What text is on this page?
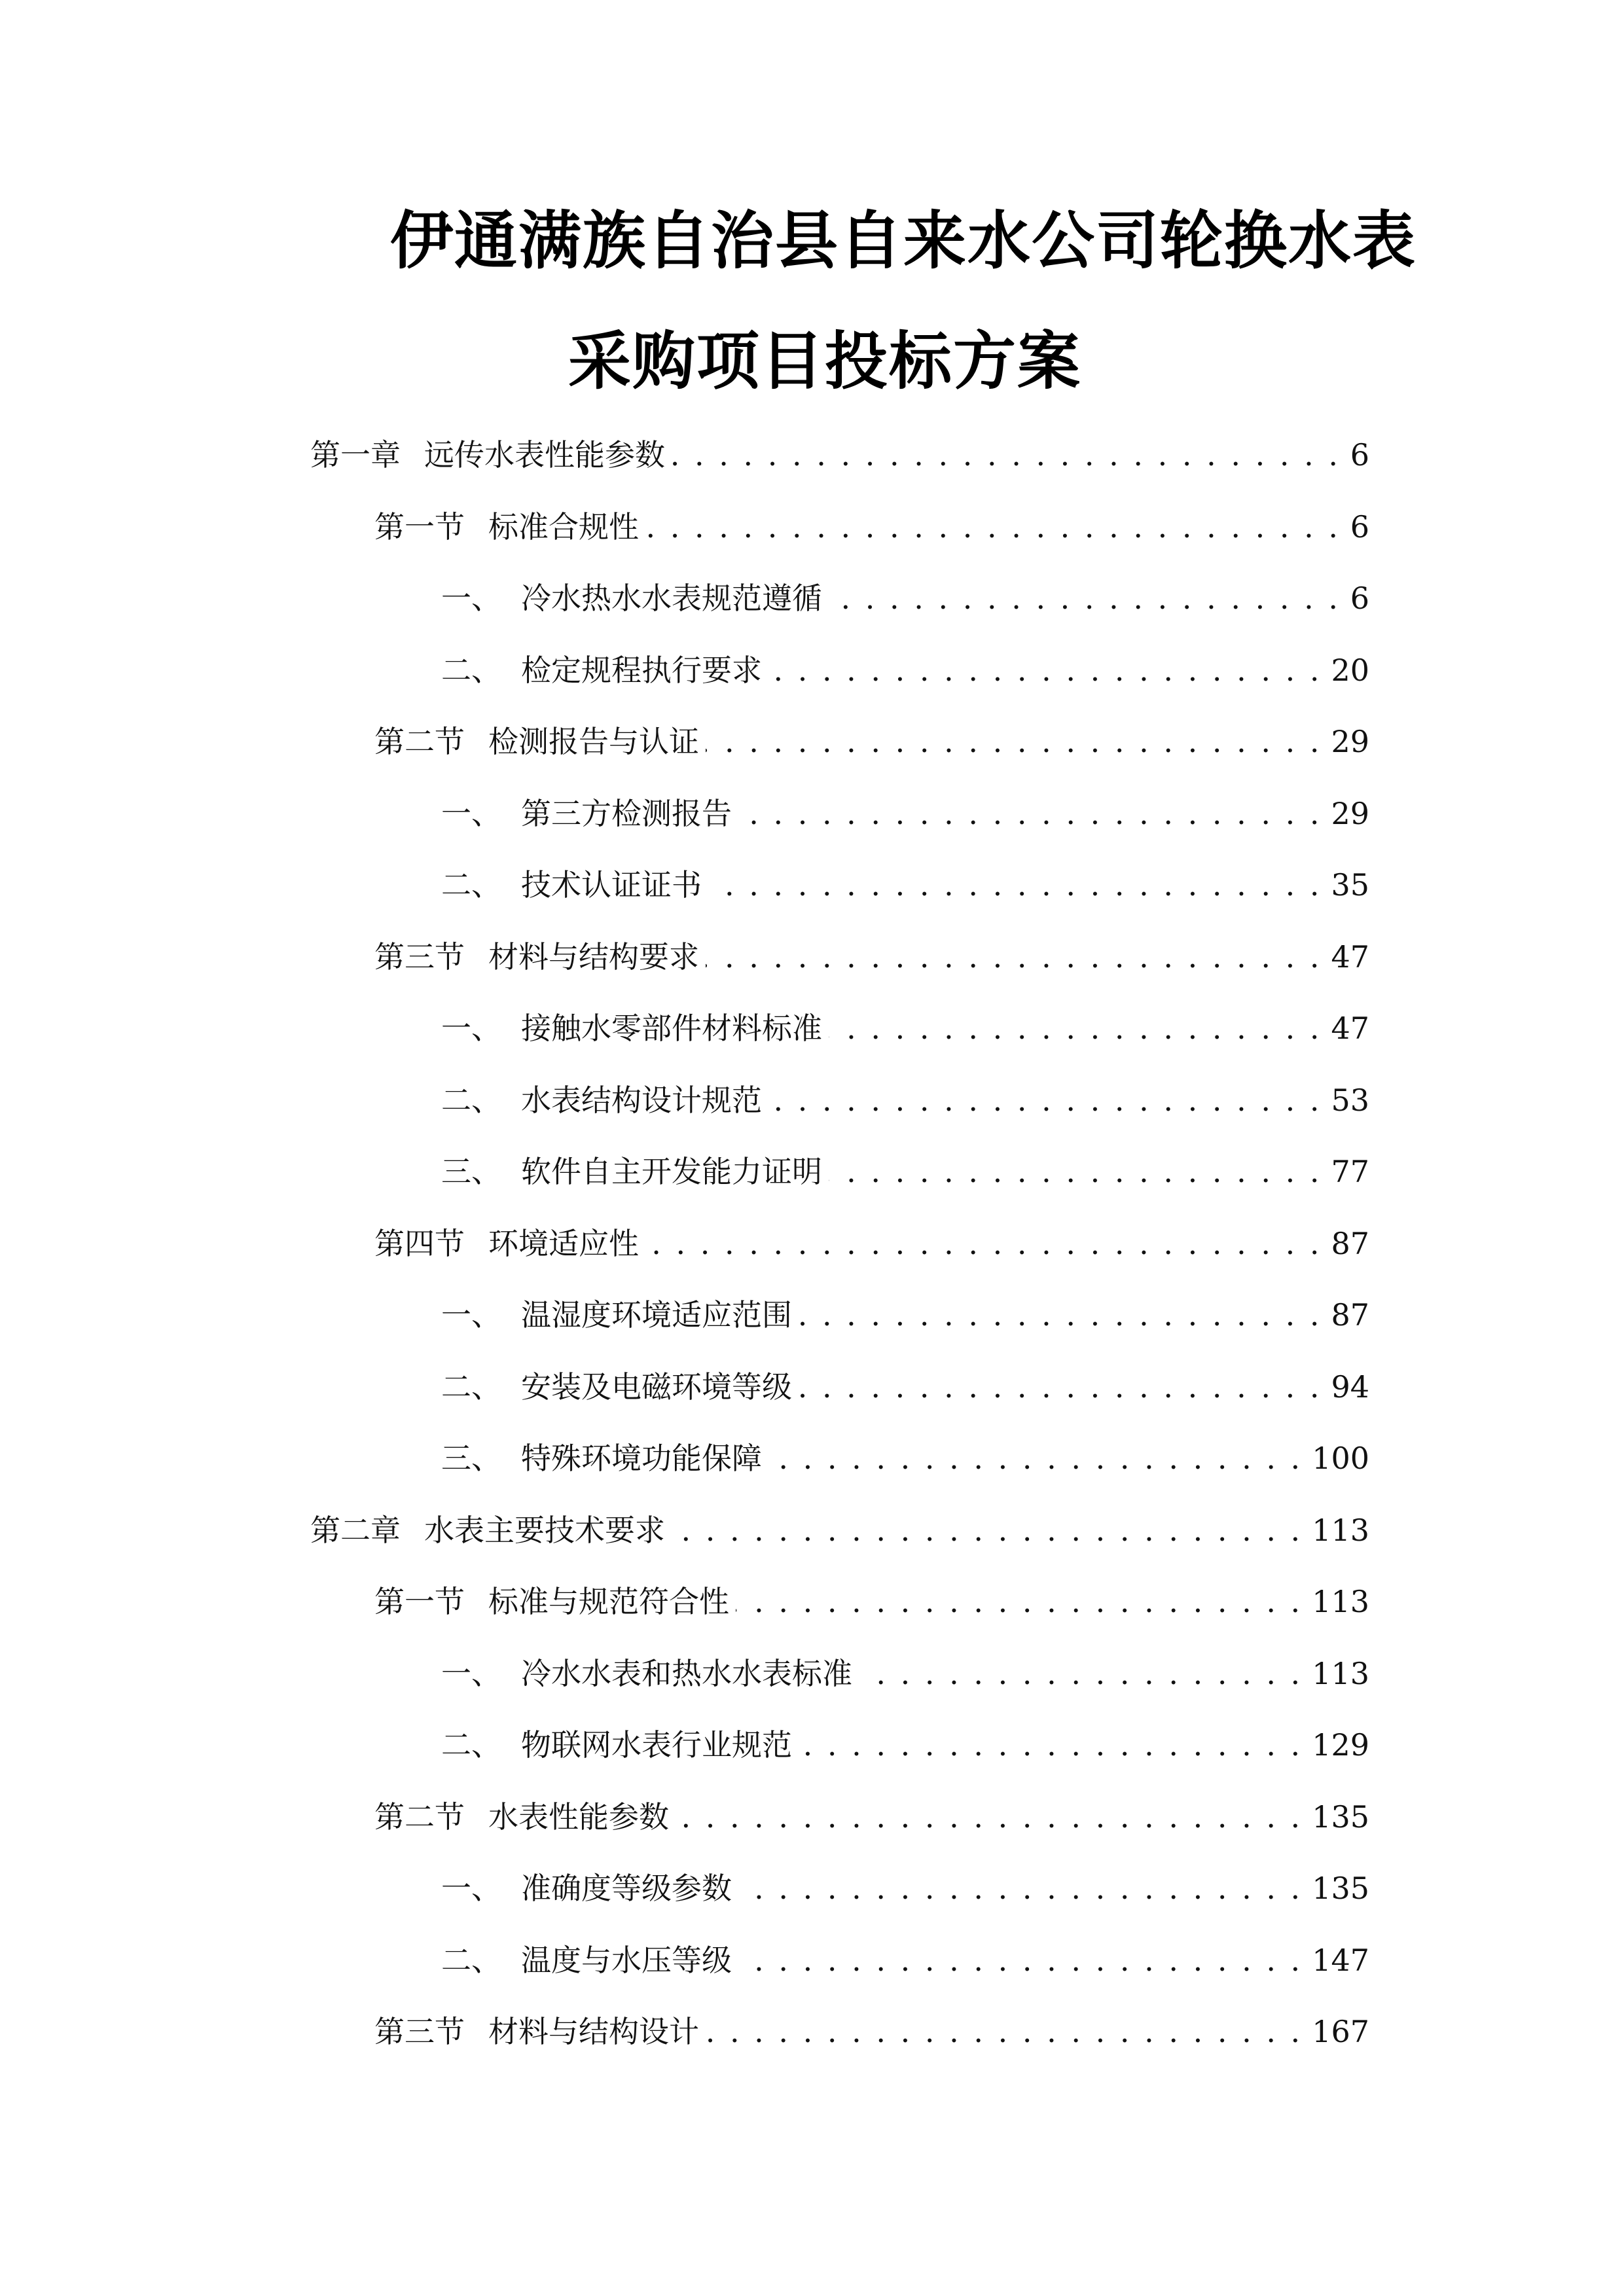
伊通满族自治县自来水公司轮换水表
采购项目投标方案
第一章 远传水表性能参数 . . .	6
第一节 标准合规性 . . .	6
一、 冷水热水水表规范遵循 . . .	6
二、 检定规程执行要求 . . .	20
第二节 检测报告与认证 . . .	29
一、 第三方检测报告 . . .	29
二、 技术认证证书 . . .	35
第三节 材料与结构要求 . . .	47
一、 接触水零部件材料标准 . . .	47
二、 水表结构设计规范 . . .	53
三、 软件自主开发能力证明 . . .	77
第四节 环境适应性 . . .	87
一、 温湿度环境适应范围 . . .	87
二、 安装及电磁环境等级 . . .	94
三、 特殊环境功能保障 . . .	100
第二章 水表主要技术要求 . . .	113
第一节 标准与规范符合性 . . .	113
一、 冷水水表和热水水表标准 . . .	113
二、 物联网水表行业规范 . . .	129
第二节 水表性能参数 . . .	135
一、 准确度等级参数 . . .	135
二、 温度与水压等级 . . .	147
第三节 材料与结构设计 . . .	167
